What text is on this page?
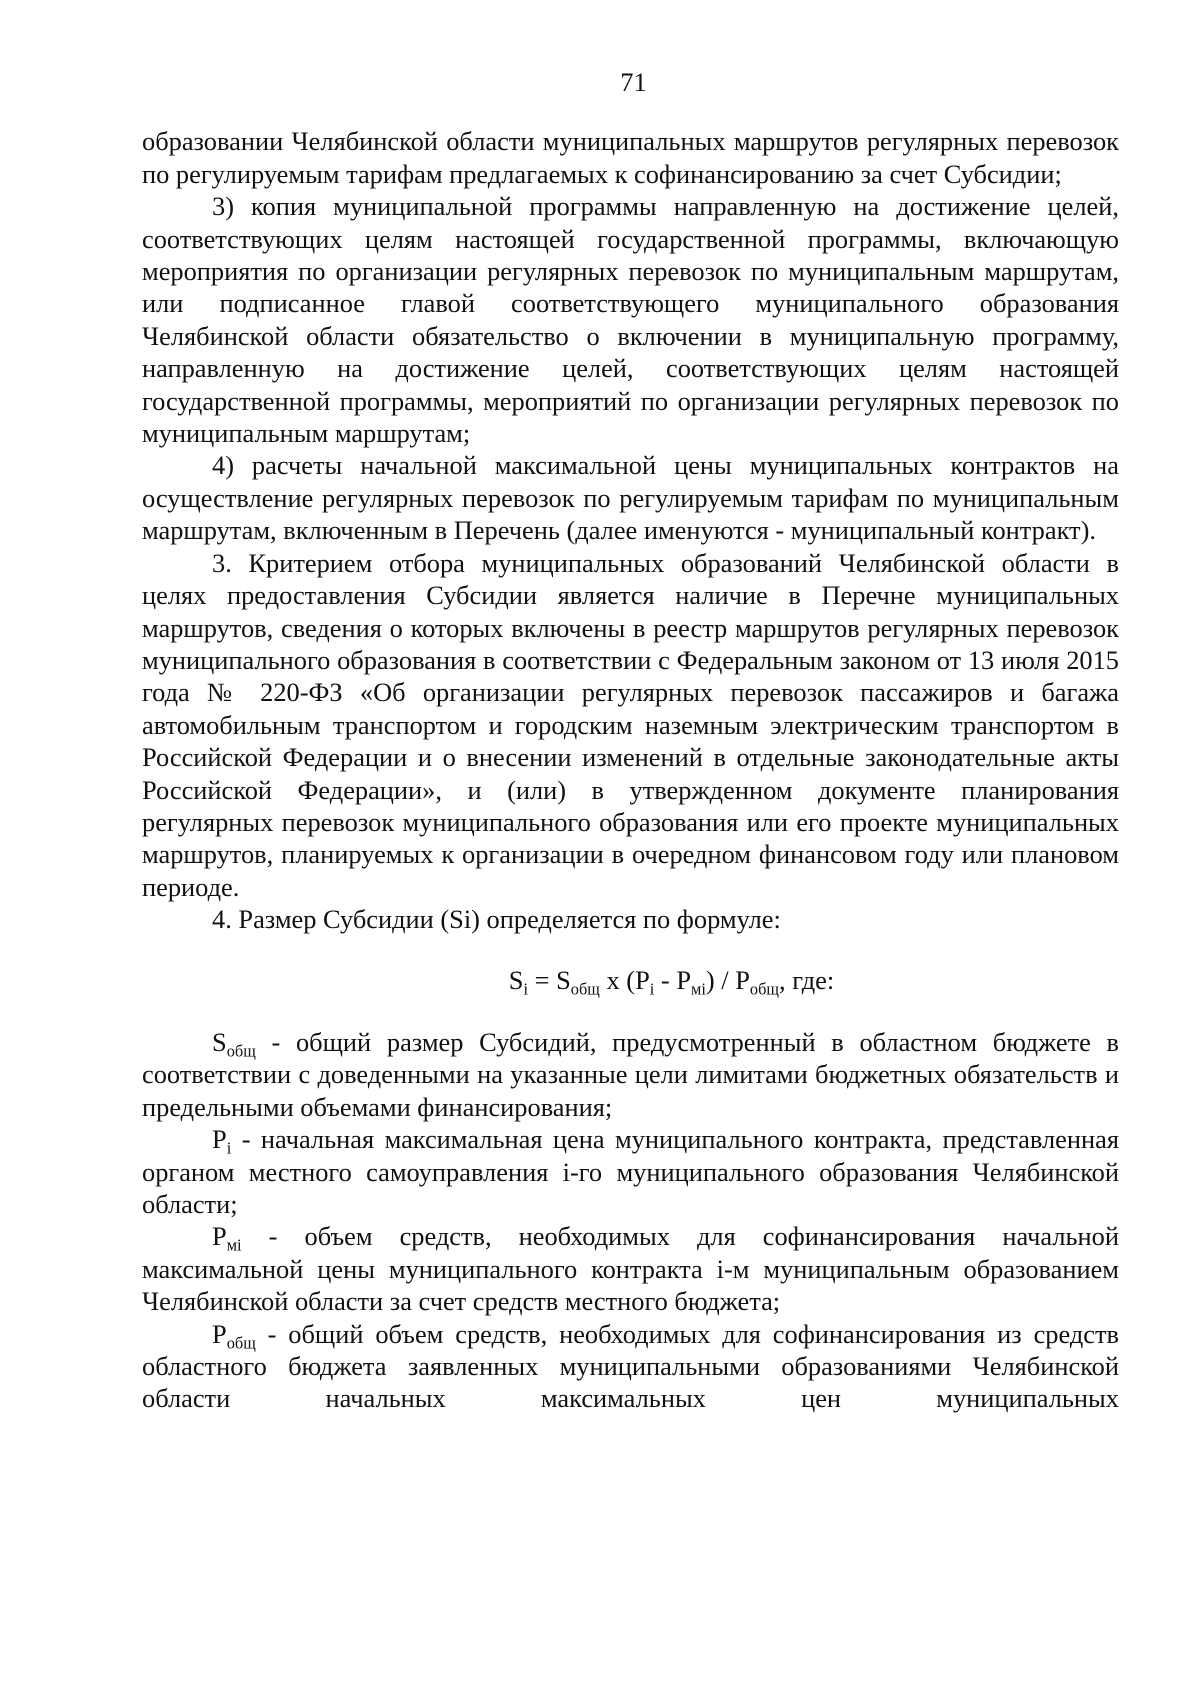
71

образовании Челябинской области муниципальных маршрутов регулярных перевозок по регулируемым тарифам предлагаемых к софинансированию за счет Субсидии;

3) копия муниципальной программы направленную на достижение целей, соответствующих целям настоящей государственной программы, включающую мероприятия по организации регулярных перевозок по муниципальным маршрутам, или подписанное главой соответствующего муниципального образования Челябинской области обязательство о включении в муниципальную программу, направленную на достижение целей, соответствующих целям настоящей государственной программы, мероприятий по организации регулярных перевозок по муниципальным маршрутам;

4) расчеты начальной максимальной цены муниципальных контрактов на осуществление регулярных перевозок по регулируемым тарифам по муниципальным маршрутам, включенным в Перечень (далее именуются - муниципальный контракт).

3. Критерием отбора муниципальных образований Челябинской области в целях предоставления Субсидии является наличие в Перечне муниципальных маршрутов, сведения о которых включены в реестр маршрутов регулярных перевозок муниципального образования в соответствии с Федеральным законом от 13 июля 2015 года № 220-ФЗ «Об организации регулярных перевозок пассажиров и багажа автомобильным транспортом и городским наземным электрическим транспортом в Российской Федерации и о внесении изменений в отдельные законодательные акты Российской Федерации», и (или) в утвержденном документе планирования регулярных перевозок муниципального образования или его проекте муниципальных маршрутов, планируемых к организации в очередном финансовом году или плановом периоде.

4. Размер Субсидии (Si) определяется по формуле:

$S_i = S_{общ}$ x $(P_i - P_{мi}) / P_{общ}$, где:

$S_{общ}$ - общий размер Субсидий, предусмотренный в областном бюджете в соответствии с доведенными на указанные цели лимитами бюджетных обязательств и предельными объемами финансирования;

$P_i$ - начальная максимальная цена муниципального контракта, представленная органом местного самоуправления i-го муниципального образования Челябинской области;

$P_{мi}$ - объем средств, необходимых для софинансирования начальной максимальной цены муниципального контракта i-м муниципальным образованием Челябинской области за счет средств местного бюджета;

$P_{общ}$ - общий объем средств, необходимых для софинансирования из средств областного бюджета заявленных муниципальными образованиями Челябинской области начальных максимальных цен муниципальных
